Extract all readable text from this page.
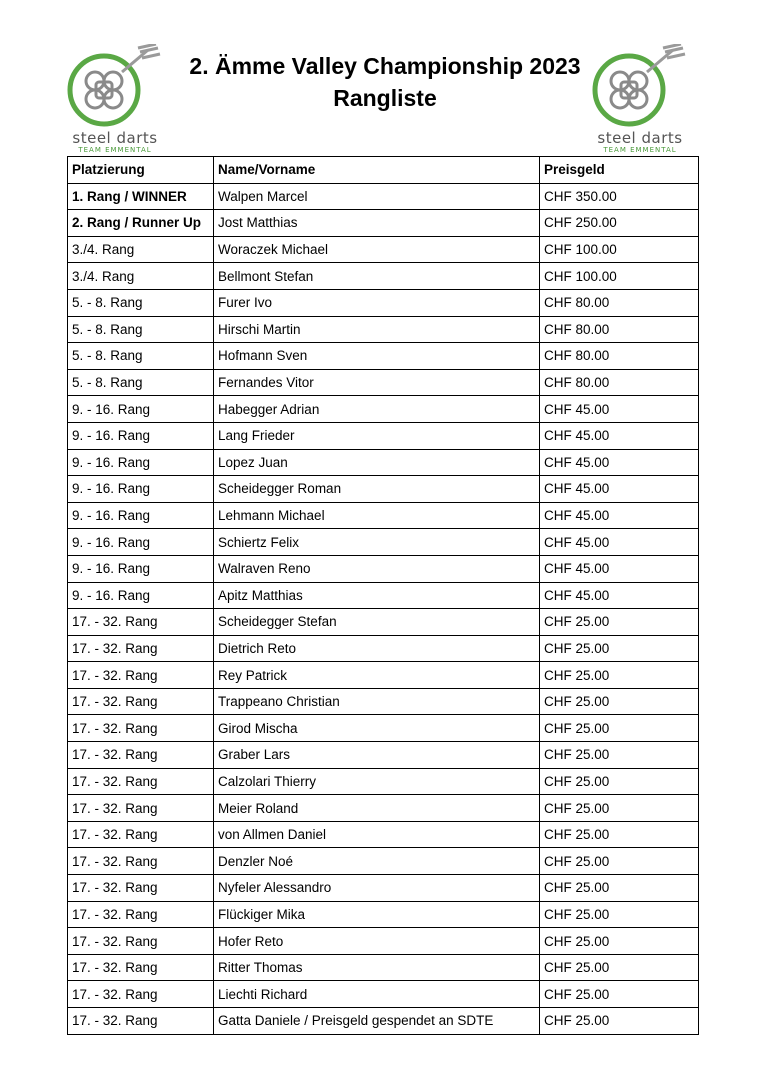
steel darts
TEAM EMMENTAL
steel darts
TEAM EMMENTAL
2. Ämme Valley Championship 2023
Rangliste
Platzierung	Name/Vorname	Preisgeld
1. Rang / WINNER	Walpen Marcel	CHF 350.00
2. Rang / Runner Up	Jost Matthias	CHF 250.00
3./4. Rang	Woraczek Michael	CHF 100.00
3./4. Rang	Bellmont Stefan	CHF 100.00
5. - 8. Rang	Furer Ivo	CHF 80.00
5. - 8. Rang	Hirschi Martin	CHF 80.00
5. - 8. Rang	Hofmann Sven	CHF 80.00
5. - 8. Rang	Fernandes Vitor	CHF 80.00
9. - 16. Rang	Habegger Adrian	CHF 45.00
9. - 16. Rang	Lang Frieder	CHF 45.00
9. - 16. Rang	Lopez Juan	CHF 45.00
9. - 16. Rang	Scheidegger Roman	CHF 45.00
9. - 16. Rang	Lehmann Michael	CHF 45.00
9. - 16. Rang	Schiertz Felix	CHF 45.00
9. - 16. Rang	Walraven Reno	CHF 45.00
9. - 16. Rang	Apitz Matthias	CHF 45.00
17. - 32. Rang	Scheidegger Stefan	CHF 25.00
17. - 32. Rang	Dietrich Reto	CHF 25.00
17. - 32. Rang	Rey Patrick	CHF 25.00
17. - 32. Rang	Trappeano Christian	CHF 25.00
17. - 32. Rang	Girod Mischa	CHF 25.00
17. - 32. Rang	Graber Lars	CHF 25.00
17. - 32. Rang	Calzolari Thierry	CHF 25.00
17. - 32. Rang	Meier Roland	CHF 25.00
17. - 32. Rang	von Allmen Daniel	CHF 25.00
17. - 32. Rang	Denzler Noé	CHF 25.00
17. - 32. Rang	Nyfeler Alessandro	CHF 25.00
17. - 32. Rang	Flückiger Mika	CHF 25.00
17. - 32. Rang	Hofer Reto	CHF 25.00
17. - 32. Rang	Ritter Thomas	CHF 25.00
17. - 32. Rang	Liechti Richard	CHF 25.00
17. - 32. Rang	Gatta Daniele / Preisgeld gespendet an SDTE	CHF 25.00
